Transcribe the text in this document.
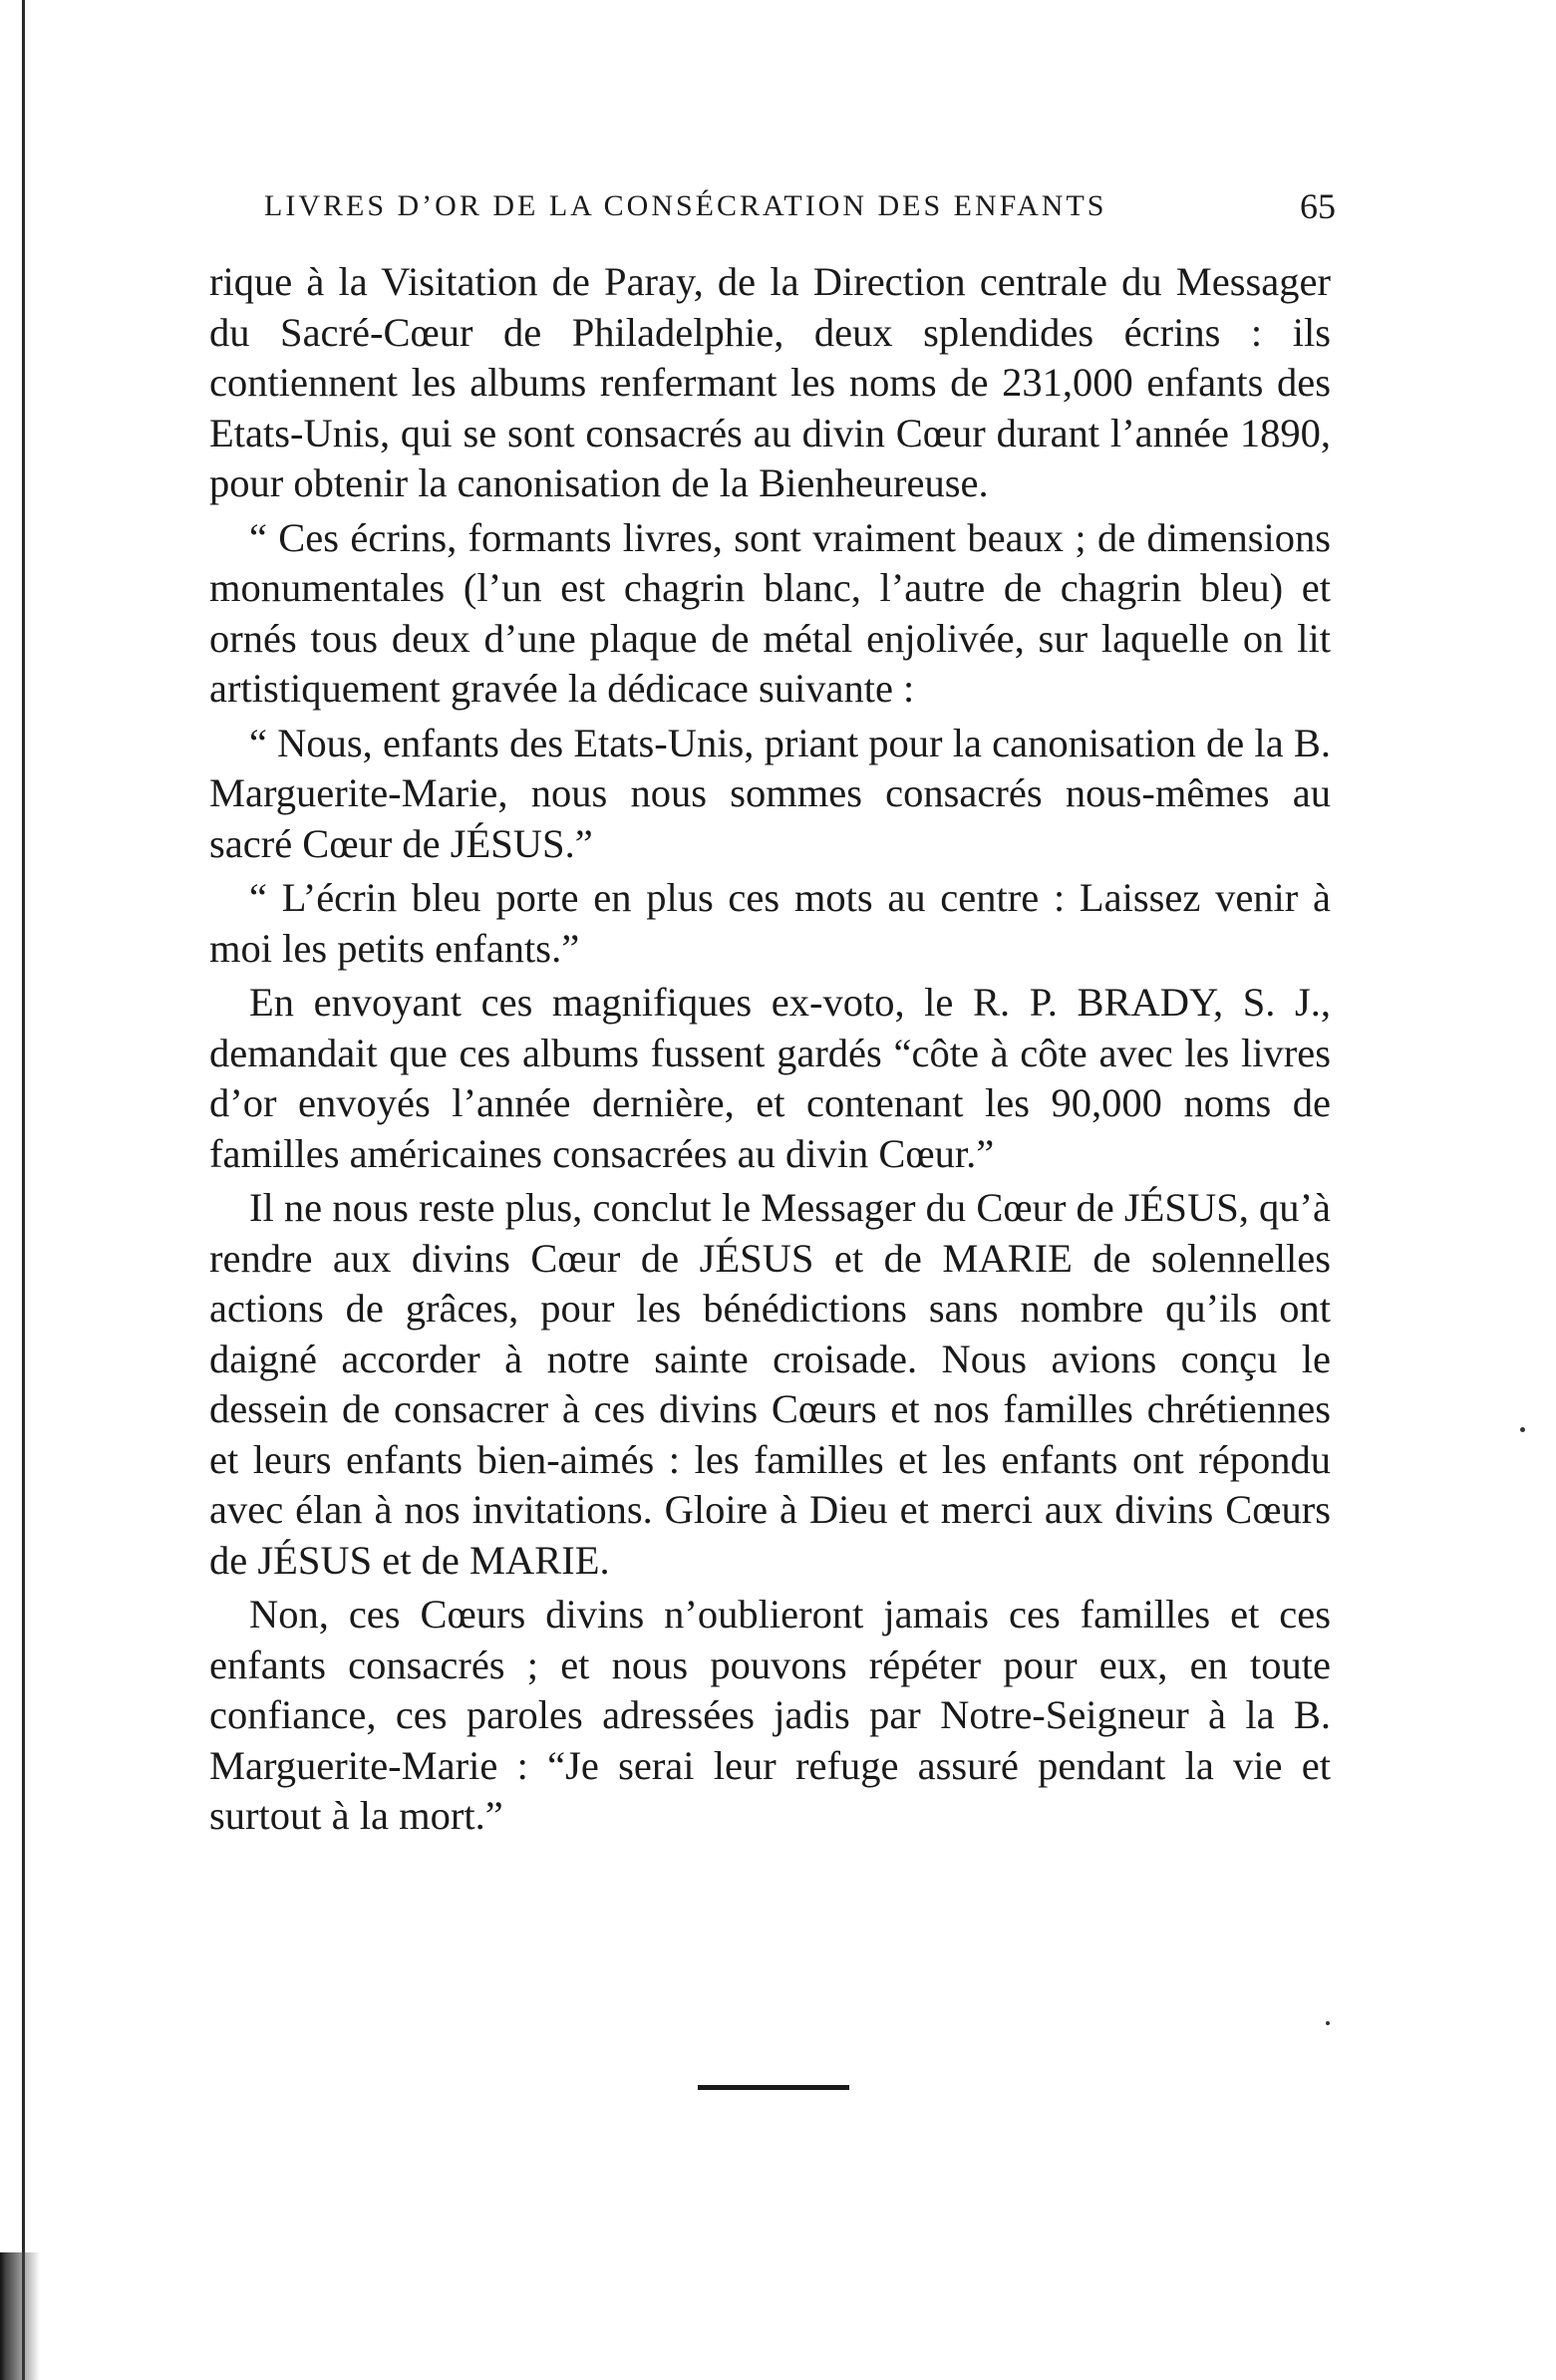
LIVRES D’OR DE LA CONSÉCRATION DES ENFANTS	65

rique à la Visitation de Paray, de la Direction centrale du Messager du Sacré-Cœur de Philadelphie, deux splendides écrins : ils contiennent les albums renfermant les noms de 231,000 enfants des Etats-Unis, qui se sont consacrés au divin Cœur durant l’année 1890, pour obtenir la canonisation de la Bienheureuse.

“ Ces écrins, formants livres, sont vraiment beaux ; de dimensions monumentales (l’un est chagrin blanc, l’autre de chagrin bleu) et ornés tous deux d’une plaque de métal enjolivée, sur laquelle on lit artistiquement gravée la dédicace suivante :

“ Nous, enfants des Etats-Unis, priant pour la canonisation de la B. Marguerite-Marie, nous nous sommes consacrés nous-mêmes au sacré Cœur de JÉSUS.”

“ L’écrin bleu porte en plus ces mots au centre : Laissez venir à moi les petits enfants.”

En envoyant ces magnifiques ex-voto, le R. P. BRADY, S. J., demandait que ces albums fussent gardés “côte à côte avec les livres d’or envoyés l’année dernière, et contenant les 90,000 noms de familles américaines consacrées au divin Cœur.”

Il ne nous reste plus, conclut le Messager du Cœur de JÉSUS, qu’à rendre aux divins Cœur de JÉSUS et de MARIE de solennelles actions de grâces, pour les bénédictions sans nombre qu’ils ont daigné accorder à notre sainte croisade. Nous avions conçu le dessein de consacrer à ces divins Cœurs et nos familles chrétiennes et leurs enfants bien-aimés : les familles et les enfants ont répondu avec élan à nos invitations. Gloire à Dieu et merci aux divins Cœurs de JÉSUS et de MARIE.

Non, ces Cœurs divins n’oublieront jamais ces familles et ces enfants consacrés ; et nous pouvons répéter pour eux, en toute confiance, ces paroles adressées jadis par Notre-Seigneur à la B. Marguerite-Marie : “Je serai leur refuge assuré pendant la vie et surtout à la mort.”
